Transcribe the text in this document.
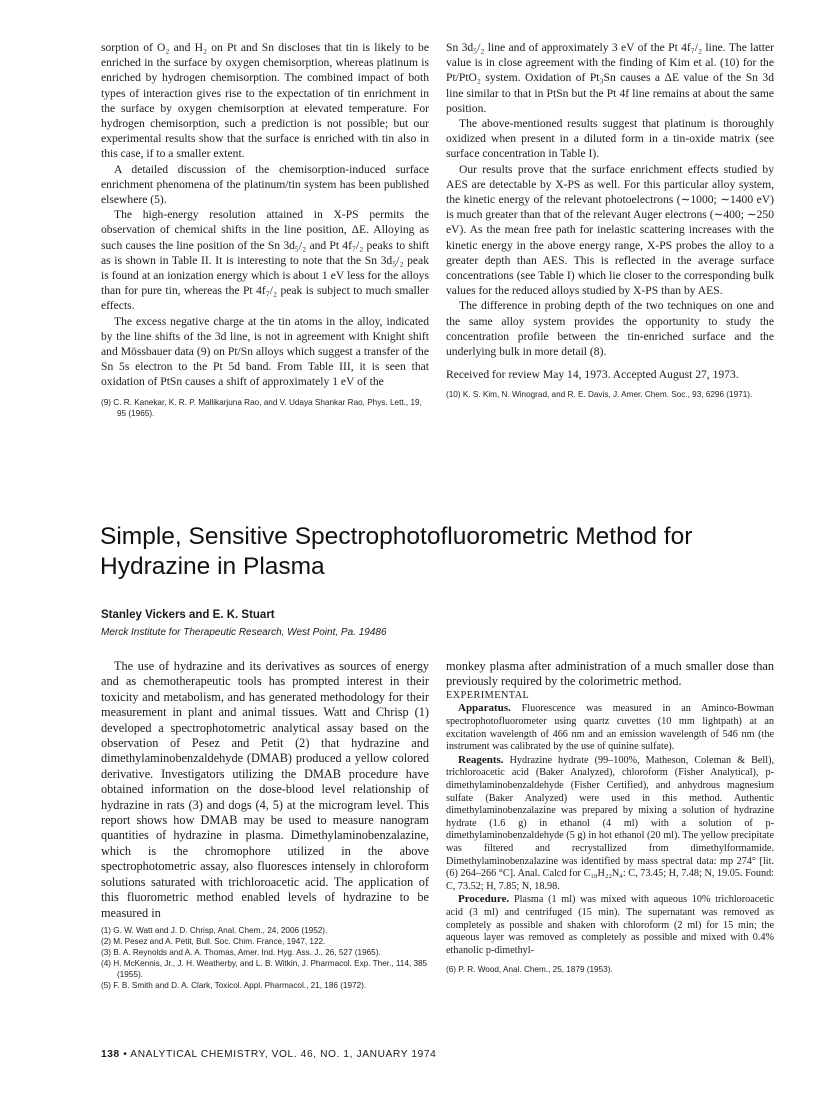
sorption of O₂ and H₂ on Pt and Sn discloses that tin is likely to be enriched in the surface by oxygen chemisorption, whereas platinum is enriched by hydrogen chemisorption. The combined impact of both types of interaction gives rise to the expectation of tin enrichment in the surface by oxygen chemisorption at elevated temperature. For hydrogen chemisorption, such a prediction is not possible; but our experimental results show that the surface is enriched with tin also in this case, if to a smaller extent.

A detailed discussion of the chemisorption-induced surface enrichment phenomena of the platinum/tin system has been published elsewhere (5).

The high-energy resolution attained in X-PS permits the observation of chemical shifts in the line position, ΔE. Alloying as such causes the line position of the Sn 3d₅/₂ and Pt 4f₇/₂ peaks to shift as is shown in Table II. It is interesting to note that the Sn 3d₅/₂ peak is found at an ionization energy which is about 1 eV less for the alloys than for pure tin, whereas the Pt 4f₇/₂ peak is subject to much smaller effects.

The excess negative charge at the tin atoms in the alloy, indicated by the line shifts of the 3d line, is not in agreement with Knight shift and Mössbauer data (9) on Pt/Sn alloys which suggest a transfer of the Sn 5s electron to the Pt 5d band. From Table III, it is seen that oxidation of PtSn causes a shift of approximately 1 eV of the

(9) C. R. Kanekar, K. R. P. Mallikarjuna Rao, and V. Udaya Shankar Rao, Phys. Lett., 19, 95 (1965).

Sn 3d₅/₂ line and of approximately 3 eV of the Pt 4f₇/₂ line. The latter value is in close agreement with the finding of Kim et al. (10) for the Pt/PtO₂ system. Oxidation of Pt₃Sn causes a ΔE value of the Sn 3d line similar to that in PtSn but the Pt 4f line remains at about the same position.

The above-mentioned results suggest that platinum is thoroughly oxidized when present in a diluted form in a tin-oxide matrix (see surface concentration in Table I).

Our results prove that the surface enrichment effects studied by AES are detectable by X-PS as well. For this particular alloy system, the kinetic energy of the relevant photoelectrons (∼1000; ∼1400 eV) is much greater than that of the relevant Auger electrons (∼400; ∼250 eV). As the mean free path for inelastic scattering increases with the kinetic energy in the above energy range, X-PS probes the alloy to a greater depth than AES. This is reflected in the average surface concentrations (see Table I) which lie closer to the corresponding bulk values for the reduced alloys studied by X-PS than by AES.

The difference in probing depth of the two techniques on one and the same alloy system provides the opportunity to study the concentration profile between the tin-enriched surface and the underlying bulk in more detail (8).

Received for review May 14, 1973. Accepted August 27, 1973.

(10) K. S. Kim, N. Winograd, and R. E. Davis, J. Amer. Chem. Soc., 93, 6296 (1971).
Simple, Sensitive Spectrophotofluorometric Method for Hydrazine in Plasma

Stanley Vickers and E. K. Stuart

Merck Institute for Therapeutic Research, West Point, Pa. 19486

The use of hydrazine and its derivatives as sources of energy and as chemotherapeutic tools has prompted interest in their toxicity and metabolism, and has generated methodology for their measurement in plant and animal tissues. Watt and Chrisp (1) developed a spectrophotometric analytical assay based on the observation of Pesez and Petit (2) that hydrazine and dimethylaminobenzaldehyde (DMAB) produced a yellow colored derivative. Investigators utilizing the DMAB procedure have obtained information on the dose-blood level relationship of hydrazine in rats (3) and dogs (4, 5) at the microgram level. This report shows how DMAB may be used to measure nanogram quantities of hydrazine in plasma. Dimethylaminobenzalazine, which is the chromophore utilized in the above spectrophotometric assay, also fluoresces intensely in chloroform solutions saturated with trichloroacetic acid. The application of this fluorometric method enabled levels of hydrazine to be measured in

(1) G. W. Watt and J. D. Chrisp, Anal. Chem., 24, 2006 (1952).
(2) M. Pesez and A. Petit, Bull. Soc. Chim. France, 1947, 122.
(3) B. A. Reynolds and A. A. Thomas, Amer. Ind. Hyg. Ass. J., 26, 527 (1965).
(4) H. McKennis, Jr., J. H. Weatherby, and L. B. Witkin, J. Pharmacol. Exp. Ther., 114, 385 (1955).
(5) F. B. Smith and D. A. Clark, Toxicol. Appl. Pharmacol., 21, 186 (1972).

monkey plasma after administration of a much smaller dose than previously required by the colorimetric method.

EXPERIMENTAL

Apparatus. Fluorescence was measured in an Aminco-Bowman spectrophotofluorometer using quartz cuvettes (10 mm lightpath) at an excitation wavelength of 466 nm and an emission wavelength of 546 nm (the instrument was calibrated by the use of quinine sulfate).

Reagents. Hydrazine hydrate (99–100%, Matheson, Coleman & Bell), trichloroacetic acid (Baker Analyzed), chloroform (Fisher Analytical), p-dimethylaminobenzaldehyde (Fisher Certified), and anhydrous magnesium sulfate (Baker Analyzed) were used in this method. Authentic dimethylaminobenzalazine was prepared by mixing a solution of hydrazine hydrate (1.6 g) in ethanol (4 ml) with a solution of p-dimethylaminobenzaldehyde (5 g) in hot ethanol (20 ml). The yellow precipitate was filtered and recrystallized from dimethylformamide. Dimethylaminobenzalazine was identified by mass spectral data: mp 274° [lit. (6) 264–266 °C]. Anal. Calcd for C₁₈H₂₂N₄: C, 73.45; H, 7.48; N, 19.05. Found: C, 73.52; H, 7.85; N, 18.98.

Procedure. Plasma (1 ml) was mixed with aqueous 10% trichloroacetic acid (3 ml) and centrifuged (15 min). The supernatant was removed as completely as possible and shaken with chloroform (2 ml) for 15 min; the aqueous layer was removed as completely as possible and mixed with 0.4% ethanolic p-dimethyl-

(6) P. R. Wood, Anal. Chem., 25, 1879 (1953).

138 • ANALYTICAL CHEMISTRY, VOL. 46, NO. 1, JANUARY 1974
